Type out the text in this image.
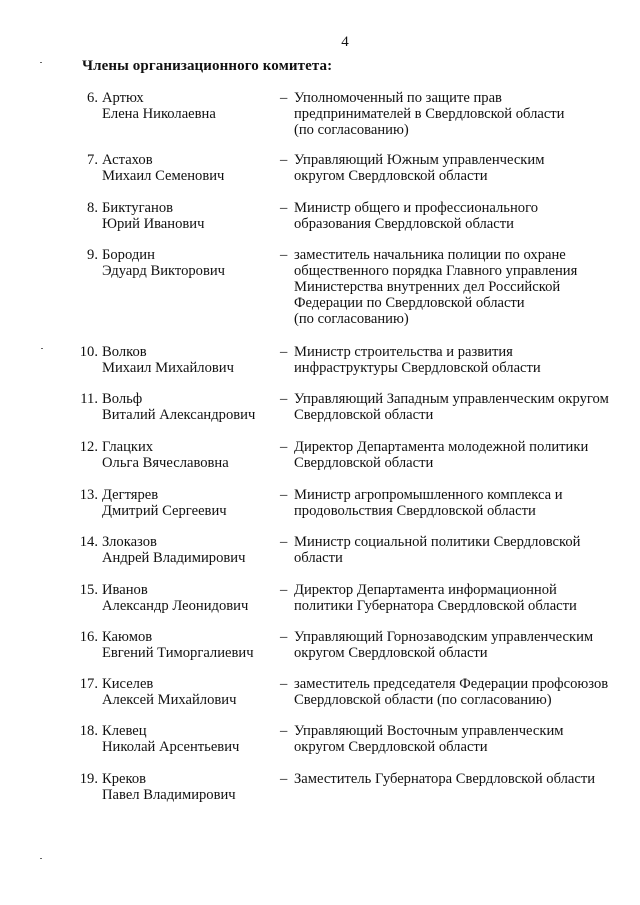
4
Члены организационного комитета:
6. Артюх
Елена Николаевна
– Уполномоченный по защите прав
предпринимателей в Свердловской области
(по согласованию)
7. Астахов
Михаил Семенович
– Управляющий Южным управленческим
округом Свердловской области
8. Биктуганов
Юрий Иванович
– Министр общего и профессионального
образования Свердловской области
9. Бородин
Эдуард Викторович
– заместитель начальника полиции по охране
общественного порядка Главного управления
Министерства внутренних дел Российской
Федерации по Свердловской области
(по согласованию)
10. Волков
Михаил Михайлович
– Министр строительства и развития
инфраструктуры Свердловской области
11. Вольф
Виталий Александрович
– Управляющий Западным управленческим округом
Свердловской области
12. Глацких
Ольга Вячеславовна
– Директор Департамента молодежной политики
Свердловской области
13. Дегтярев
Дмитрий Сергеевич
– Министр агропромышленного комплекса и
продовольствия Свердловской области
14. Злоказов
Андрей Владимирович
– Министр социальной политики Свердловской
области
15. Иванов
Александр Леонидович
– Директор Департамента информационной
политики Губернатора Свердловской области
16. Каюмов
Евгений Тиморгалиевич
– Управляющий Горнозаводским управленческим
округом Свердловской области
17. Киселев
Алексей Михайлович
– заместитель председателя Федерации профсоюзов
Свердловской области (по согласованию)
18. Клевец
Николай Арсентьевич
– Управляющий Восточным управленческим
округом Свердловской области
19. Креков
Павел Владимирович
– Заместитель Губернатора Свердловской области
